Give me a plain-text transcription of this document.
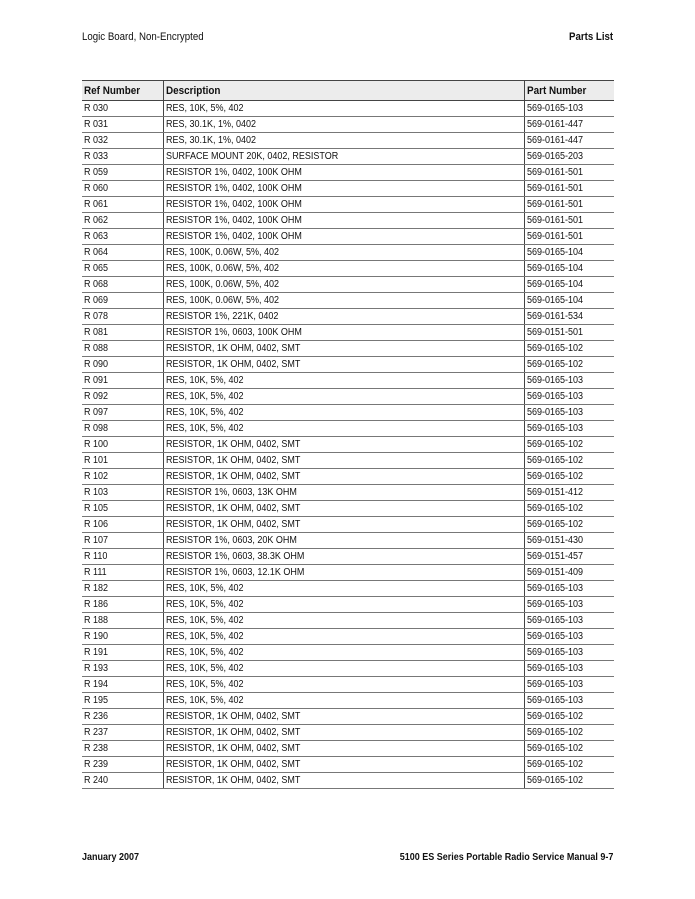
Logic Board, Non-Encrypted	Parts List
Ref Number	Description	Part Number
R 030	RES, 10K, 5%, 402	569-0165-103
R 031	RES, 30.1K, 1%, 0402	569-0161-447
R 032	RES, 30.1K, 1%, 0402	569-0161-447
R 033	SURFACE MOUNT 20K, 0402, RESISTOR	569-0165-203
R 059	RESISTOR 1%, 0402, 100K OHM	569-0161-501
R 060	RESISTOR 1%, 0402, 100K OHM	569-0161-501
R 061	RESISTOR 1%, 0402, 100K OHM	569-0161-501
R 062	RESISTOR 1%, 0402, 100K OHM	569-0161-501
R 063	RESISTOR 1%, 0402, 100K OHM	569-0161-501
R 064	RES, 100K, 0.06W, 5%, 402	569-0165-104
R 065	RES, 100K, 0.06W, 5%, 402	569-0165-104
R 068	RES, 100K, 0.06W, 5%, 402	569-0165-104
R 069	RES, 100K, 0.06W, 5%, 402	569-0165-104
R 078	RESISTOR 1%, 221K, 0402	569-0161-534
R 081	RESISTOR 1%, 0603, 100K OHM	569-0151-501
R 088	RESISTOR, 1K OHM, 0402, SMT	569-0165-102
R 090	RESISTOR, 1K OHM, 0402, SMT	569-0165-102
R 091	RES, 10K, 5%, 402	569-0165-103
R 092	RES, 10K, 5%, 402	569-0165-103
R 097	RES, 10K, 5%, 402	569-0165-103
R 098	RES, 10K, 5%, 402	569-0165-103
R 100	RESISTOR, 1K OHM, 0402, SMT	569-0165-102
R 101	RESISTOR, 1K OHM, 0402, SMT	569-0165-102
R 102	RESISTOR, 1K OHM, 0402, SMT	569-0165-102
R 103	RESISTOR 1%, 0603, 13K OHM	569-0151-412
R 105	RESISTOR, 1K OHM, 0402, SMT	569-0165-102
R 106	RESISTOR, 1K OHM, 0402, SMT	569-0165-102
R 107	RESISTOR 1%, 0603, 20K OHM	569-0151-430
R 110	RESISTOR 1%, 0603, 38.3K OHM	569-0151-457
R 111	RESISTOR 1%, 0603, 12.1K OHM	569-0151-409
R 182	RES, 10K, 5%, 402	569-0165-103
R 186	RES, 10K, 5%, 402	569-0165-103
R 188	RES, 10K, 5%, 402	569-0165-103
R 190	RES, 10K, 5%, 402	569-0165-103
R 191	RES, 10K, 5%, 402	569-0165-103
R 193	RES, 10K, 5%, 402	569-0165-103
R 194	RES, 10K, 5%, 402	569-0165-103
R 195	RES, 10K, 5%, 402	569-0165-103
R 236	RESISTOR, 1K OHM, 0402, SMT	569-0165-102
R 237	RESISTOR, 1K OHM, 0402, SMT	569-0165-102
R 238	RESISTOR, 1K OHM, 0402, SMT	569-0165-102
R 239	RESISTOR, 1K OHM, 0402, SMT	569-0165-102
R 240	RESISTOR, 1K OHM, 0402, SMT	569-0165-102
January 2007	5100 ES Series Portable Radio Service Manual 9-7
